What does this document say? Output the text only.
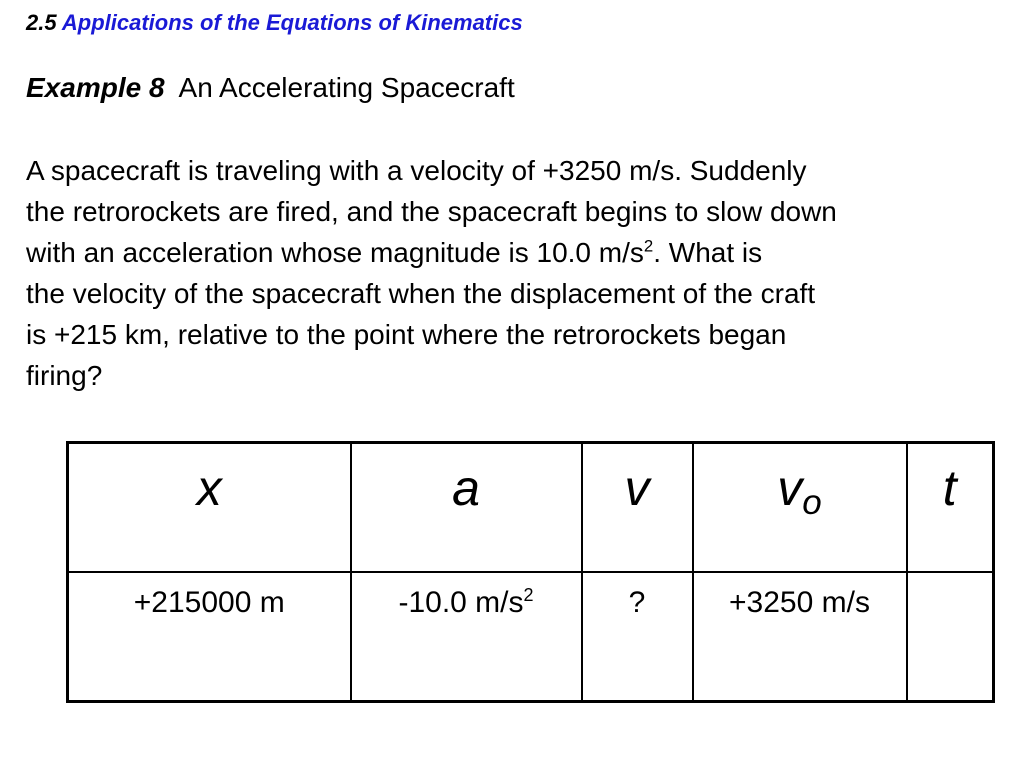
2.5 Applications of the Equations of Kinematics
Example 8 An Accelerating Spacecraft
A spacecraft is traveling with a velocity of +3250 m/s. Suddenly
the retrorockets are fired, and the spacecraft begins to slow down
with an acceleration whose magnitude is 10.0 $m/s^2$. What is
the velocity of the spacecraft when the displacement of the craft
is +215 km, relative to the point where the retrorockets began
firing?
x	a	v	$v_o$	t
+215000 m	-10.0 $m/s^2$	?	+3250 m/s	
